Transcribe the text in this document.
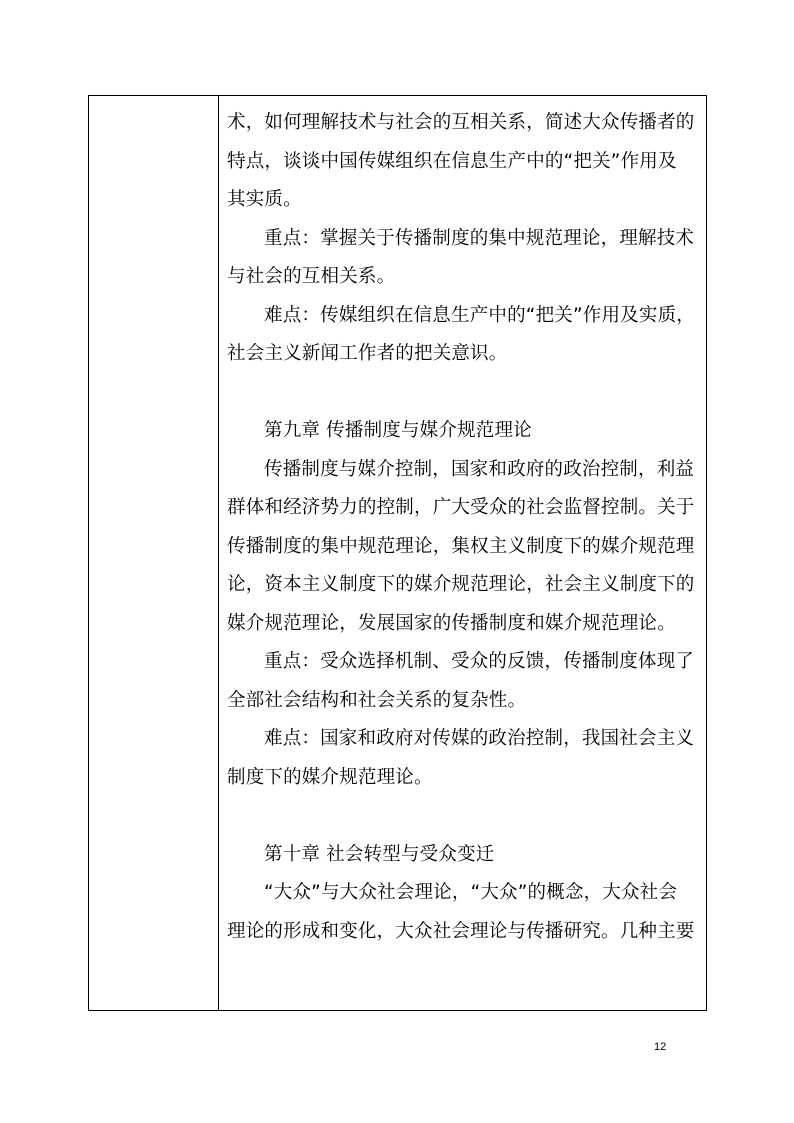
术，如何理解技术与社会的互相关系，简述大众传播者的
特点，谈谈中国传媒组织在信息生产中的“把关”作用及
其实质。
重点：掌握关于传播制度的集中规范理论，理解技术
与社会的互相关系。
难点：传媒组织在信息生产中的“把关”作用及实质，
社会主义新闻工作者的把关意识。
第九章 传播制度与媒介规范理论
传播制度与媒介控制，国家和政府的政治控制，利益
群体和经济势力的控制，广大受众的社会监督控制。关于
传播制度的集中规范理论，集权主义制度下的媒介规范理
论，资本主义制度下的媒介规范理论，社会主义制度下的
媒介规范理论，发展国家的传播制度和媒介规范理论。
重点：受众选择机制、受众的反馈，传播制度体现了
全部社会结构和社会关系的复杂性。
难点：国家和政府对传媒的政治控制，我国社会主义
制度下的媒介规范理论。
第十章 社会转型与受众变迁
“大众”与大众社会理论，“大众”的概念，大众社会
理论的形成和变化，大众社会理论与传播研究。几种主要
12
